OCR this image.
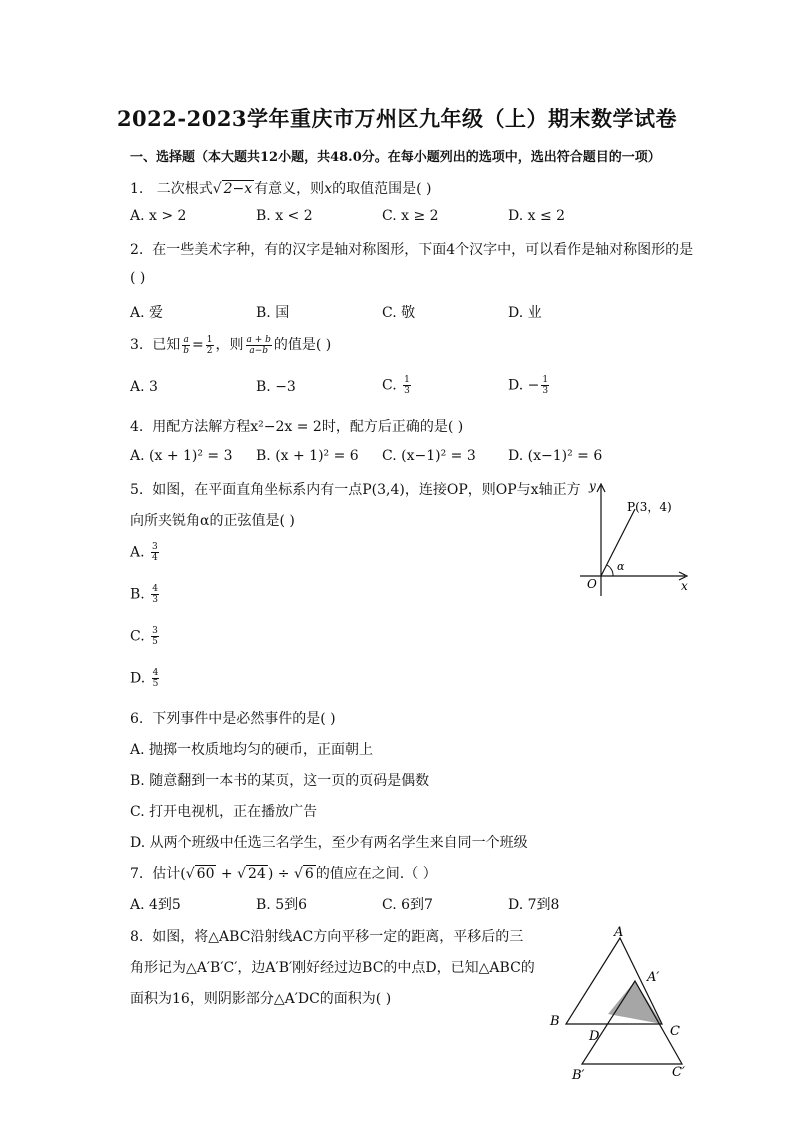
2022-2023学年重庆市万州区九年级（上）期末数学试卷
一、选择题（本大题共12小题，共48.0分。在每小题列出的选项中，选出符合题目的一项）
1. 二次根式√ 2−x 有意义，则x的取值范围是( )
A. x > 2	B. x < 2	C. x ≥ 2	D. x ≤ 2
2. 在一些美术字种，有的汉字是轴对称图形，下面4个汉字中，可以看作是轴对称图形的是
( )
A. 爱	B. 国	C. 敬	D. 业
3. 已知 $\frac{a}{b} = \frac{1}{2}$ ，则 $\frac{a + b}{a-b}$ 的值是( )
A. 3	B. −3	C. $\frac{1}{3}$	D. − $\frac{1}{3}$
4. 用配方法解方程x²−2x = 2时，配方后正确的是( )
A. (x + 1)² = 3 B. (x + 1)² = 6 C. (x−1)² = 3 D. (x−1)² = 6
5. 如图，在平面直角坐标系内有一点P(3,4)，连接OP，则OP与x轴正方
向所夹锐角α的正弦值是( )
A. $\frac{3}{4}$
B. $\frac{4}{3}$
C. $\frac{3}{5}$
D. $\frac{4}{5}$
y
x
O
P(3，4)
α
6. 下列事件中是必然事件的是( )
A. 抛掷一枚质地均匀的硬币，正面朝上
B. 随意翻到一本书的某页，这一页的页码是偶数
C. 打开电视机，正在播放广告
D. 从两个班级中任选三名学生，至少有两名学生来自同一个班级
7. 估计(√ 60 + √ 24 ) ÷ √ 6 的值应在之间.（ ）
A. 4到5	B. 5到6	C. 6到7	D. 7到8
8. 如图，将△ABC沿射线AC方向平移一定的距离，平移后的三
角形记为△A′B′C′，边A′B′刚好经过边BC的中点D，已知△ABC的
面积为16，则阴影部分△A′DC的面积为( )
A
A′
B
C
D
B′	C′
